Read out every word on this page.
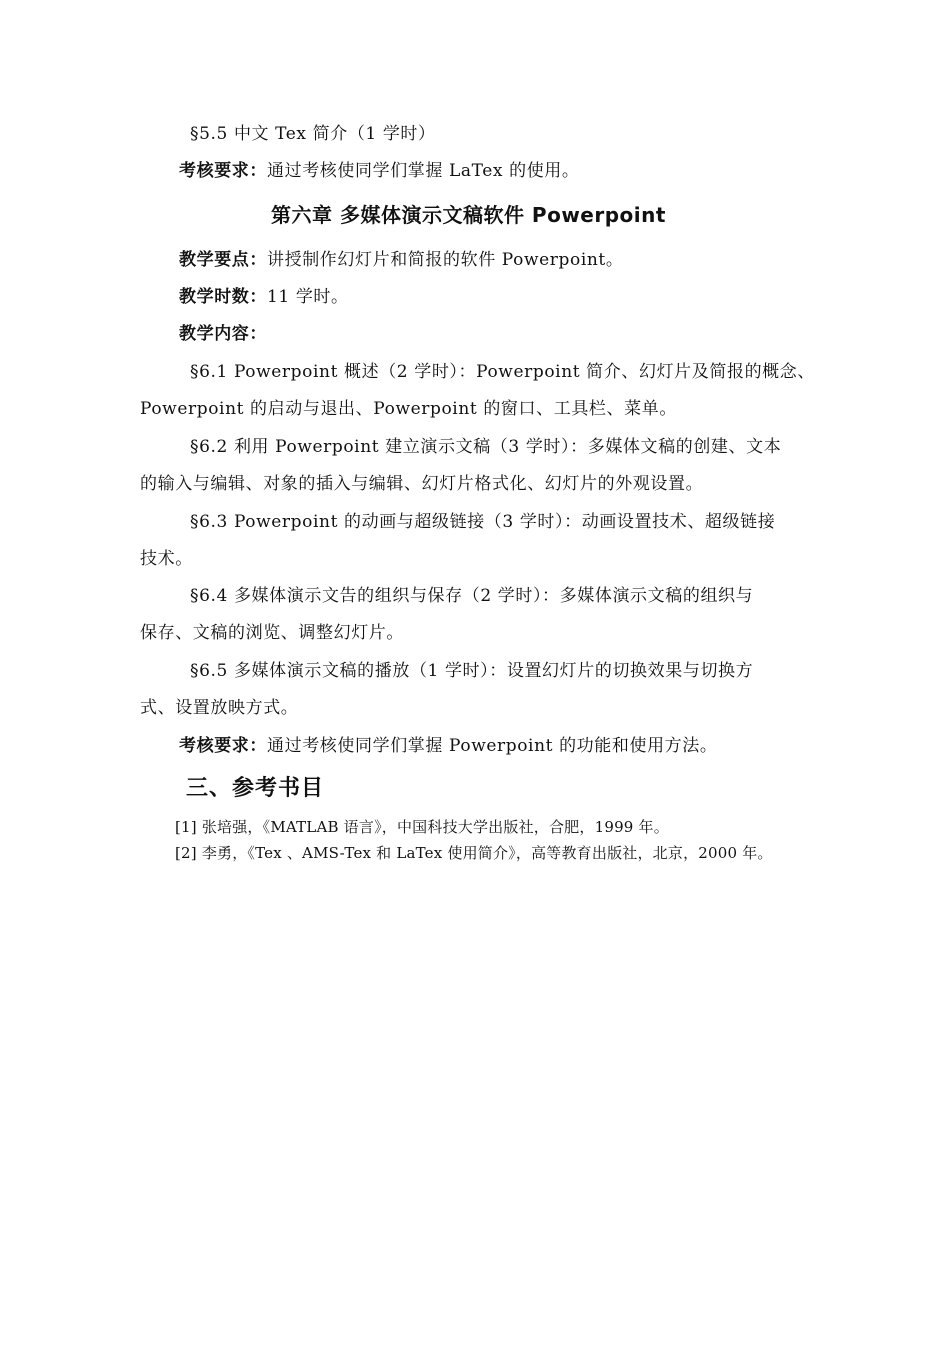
§5.5 中文 Tex 简介（1 学时）
考核要求：通过考核使同学们掌握 LaTex 的使用。
第六章 多媒体演示文稿软件 Powerpoint
教学要点：讲授制作幻灯片和简报的软件 Powerpoint。
教学时数：11 学时。
教学内容：
§6.1 Powerpoint 概述（2 学时）：Powerpoint 简介、幻灯片及简报的概念、
Powerpoint 的启动与退出、Powerpoint 的窗口、工具栏、菜单。
§6.2 利用 Powerpoint 建立演示文稿（3 学时）：多媒体文稿的创建、文本
的输入与编辑、对象的插入与编辑、幻灯片格式化、幻灯片的外观设置。
§6.3 Powerpoint 的动画与超级链接（3 学时）：动画设置技术、超级链接
技术。
§6.4 多媒体演示文告的组织与保存（2 学时）：多媒体演示文稿的组织与
保存、文稿的浏览、调整幻灯片。
§6.5 多媒体演示文稿的播放（1 学时）：设置幻灯片的切换效果与切换方
式、设置放映方式。
考核要求：通过考核使同学们掌握 Powerpoint 的功能和使用方法。
三、参考书目
[1] 张培强，《MATLAB 语言》，中国科技大学出版社，合肥，1999 年。
[2] 李勇，《Tex 、AMS-Tex 和 LaTex 使用简介》，高等教育出版社，北京，2000 年。
